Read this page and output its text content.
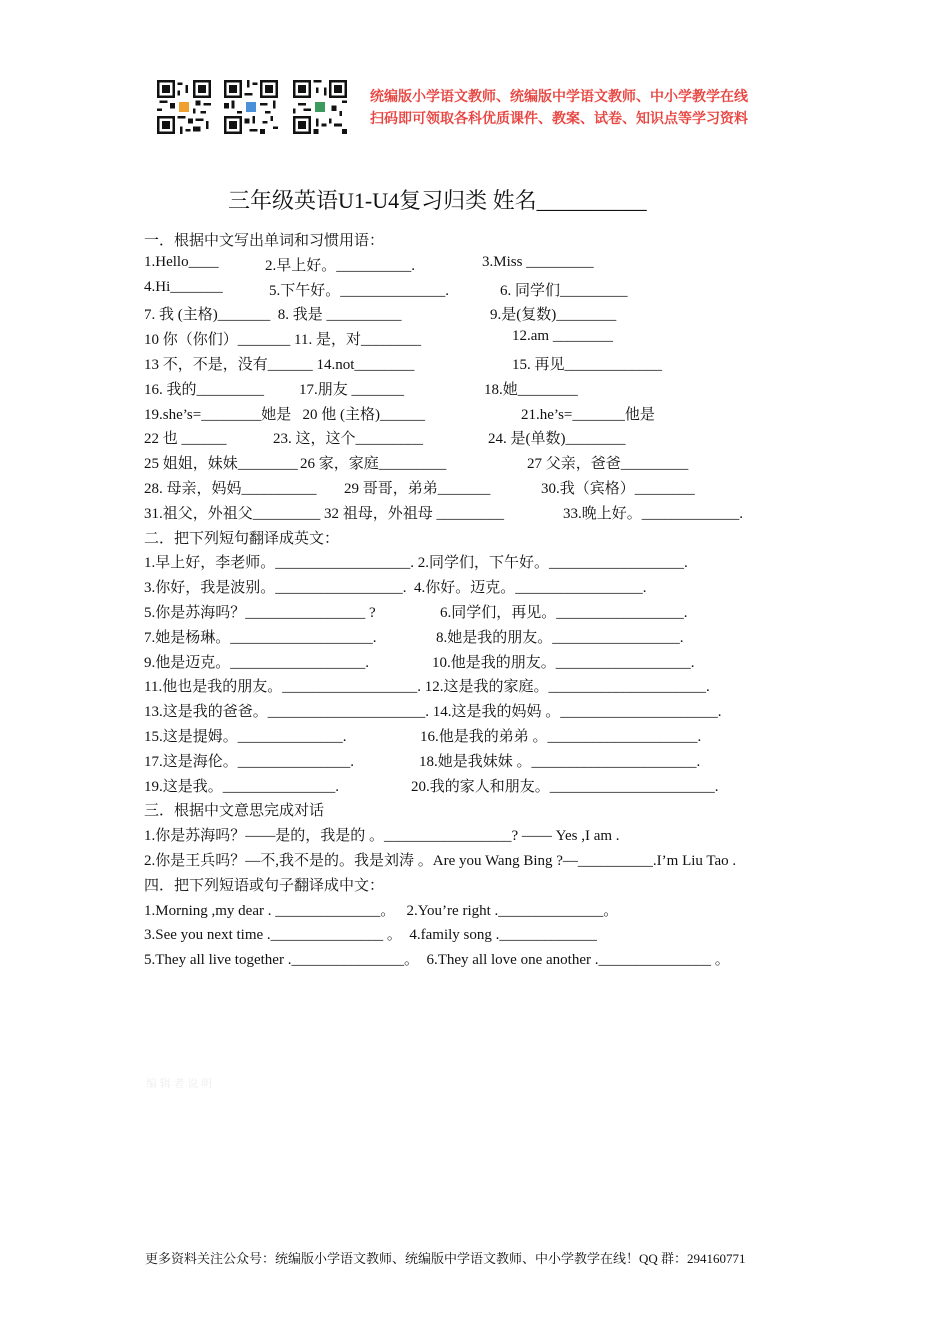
统编版小学语文教师、统编版中学语文教师、中小学教学在线
扫码即可领取各科优质课件、教案、试卷、知识点等学习资料
三年级英语U1-U4复习归类 姓名__________
一．根据中文写出单词和习惯用语：
1.Hello____	2.早上好。__________.	3.Miss _________
4.Hi_______	5.下午好。______________.	6. 同学们_________
7. 我 (主格)_______  8. 我是 __________	9.是(复数)________
10 你（你们）_______ 11. 是，对________	12.am ________
13 不，不是，没有______ 14.not________	15. 再见_____________
16. 我的_________ 17.朋友 _______	18.她________
19.she’s=________她是   20 他 (主格)______	21.he’s=_______他是
22 也 ______	23. 这，这个_________	24. 是(单数)________
25 姐姐，妹妹________ 26 家，家庭_________	27 父亲，爸爸_________
28. 母亲，妈妈__________ 29 哥哥，弟弟_______	30.我（宾格）________
31.祖父，外祖父_________ 32 祖母，外祖母 _________	33.晚上好。_____________.
二．把下列短句翻译成英文：
1.早上好，李老师。__________________. 2.同学们，下午好。__________________.
3.你好，我是波别。_________________.  4.你好。迈克。_________________.
5.你是苏海吗？________________ ?	6.同学们，再见。_________________.
7.她是杨琳。___________________.	8.她是我的朋友。_________________.
9.他是迈克。__________________.	10.他是我的朋友。__________________.
11.他也是我的朋友。__________________. 12.这是我的家庭。_____________________.
13.这是我的爸爸。_____________________. 14.这是我的妈妈 。_____________________.
15.这是提姆。______________.	16.他是我的弟弟 。____________________.
17.这是海伦。_______________.	18.她是我妹妹 。______________________.
19.这是我。_______________.	20.我的家人和朋友。______________________.
三．根据中文意思完成对话
1.你是苏海吗？——是的，我是的 。_________________? —— Yes ,I am .
2.你是王兵吗？—不,我不是的。我是刘涛 。Are you Wang Bing ?—__________.I’m Liu Tao .
四．把下列短语或句子翻译成中文：
1.Morning ,my dear . ______________。   2.You’re right .______________。
3.See you next time ._______________ 。  4.family song ._____________
5.They all live together ._______________。  6.They all love one another ._______________ 。
编 辑 者 说 明
更多资料关注公众号：统编版小学语文教师、统编版中学语文教师、中小学教学在线！QQ 群：294160771
